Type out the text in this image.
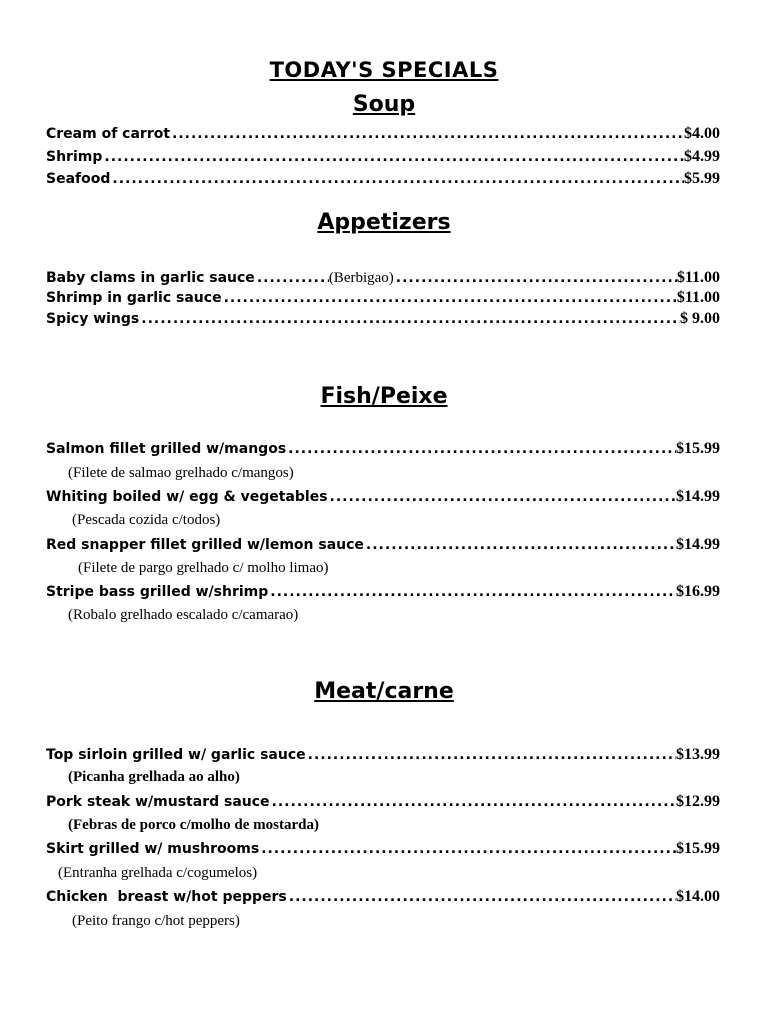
TODAY'S SPECIALS
Soup
Cream of carrot .....	$4.00
Shrimp .....	$4.99
Seafood .....	$5.99
Appetizers
Baby clams in garlic sauce .....	(Berbigao) .....	$11.00
Shrimp in garlic sauce .....	$11.00
Spicy wings .....	$ 9.00
Fish/Peixe
Salmon fillet grilled w/mangos .....	$15.99
(Filete de salmao grelhado c/mangos)
Whiting boiled w/ egg & vegetables .....	$14.99
(Pescada cozida c/todos)
Red snapper fillet grilled w/lemon sauce .....	$14.99
(Filete de pargo grelhado c/ molho limao)
Stripe bass grilled w/shrimp .....	$16.99
(Robalo grelhado escalado c/camarao)
Meat/carne
Top sirloin grilled w/ garlic sauce .....	$13.99
(Picanha grelhada ao alho)
Pork steak w/mustard sauce .....	$12.99
(Febras de porco c/molho de mostarda)
Skirt grilled w/ mushrooms .....	$15.99
(Entranha grelhada c/cogumelos)
Chicken  breast w/hot peppers .....	$14.00
(Peito frango c/hot peppers)
